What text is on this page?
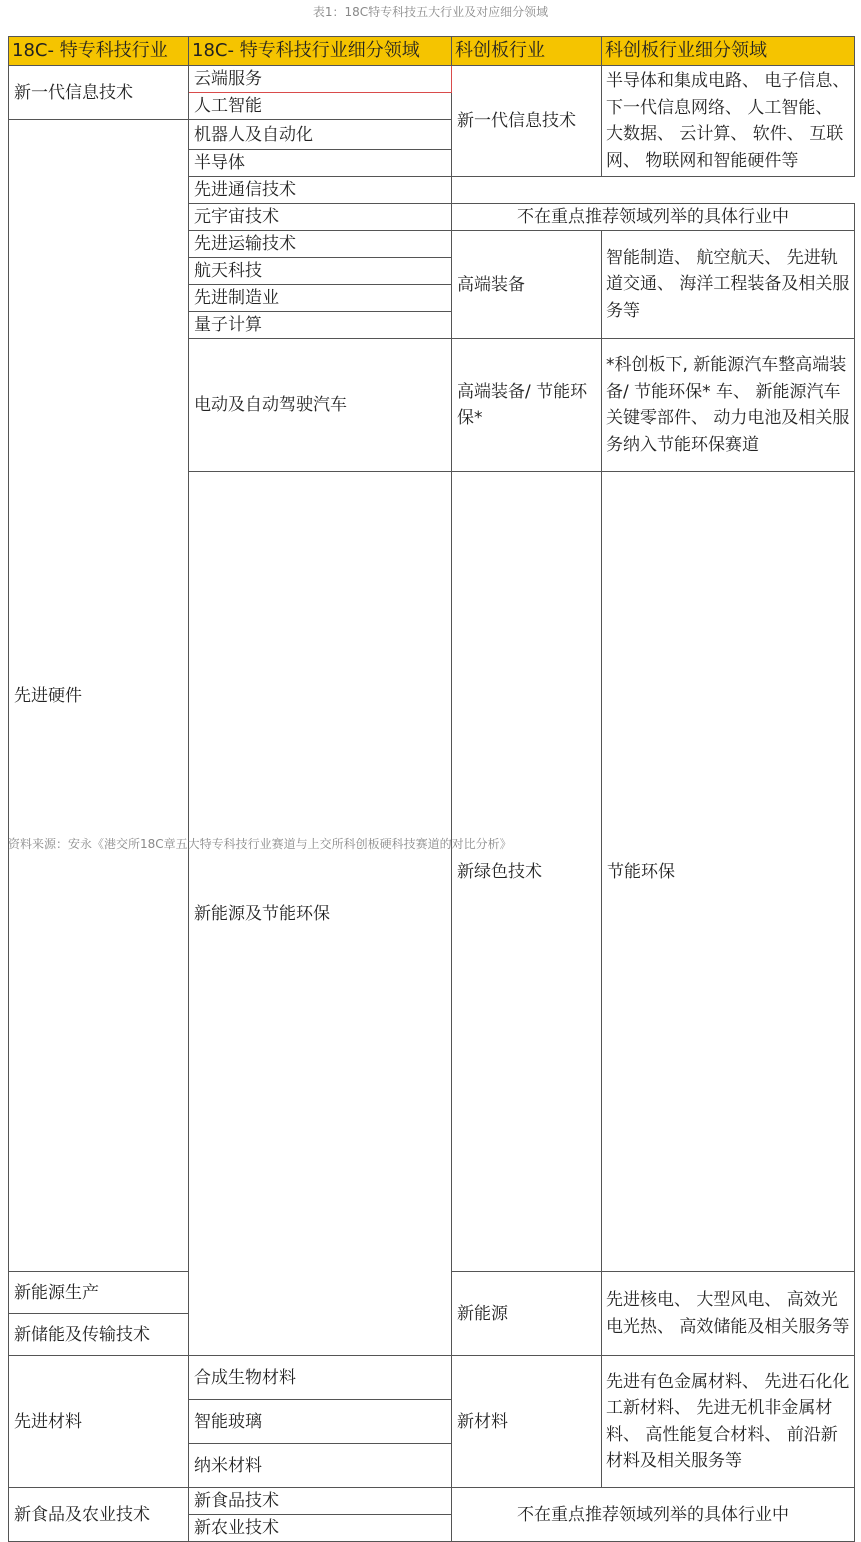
表1：18C特专科技五大行业及对应细分领域
18C- 特专科技行业	18C- 特专科技行业细分领域	科创板行业	科创板行业细分领域	
新一代信息技术	云端服务	新一代信息技术	半导体和集成电路、 电子信息、 下一代信息网络、 人工智能、 大数据、 云计算、 软件、 互联网、 物联网和智能硬件等	
	人工智能			
先进硬件	机器人及自动化			
	半导体			
	先进通信技术			
	元宇宙技术	不在重点推荐领域列举的具体行业中		
	先进运输技术	高端装备	智能制造、 航空航天、 先进轨道交通、 海洋工程装备及相关服务等	
	航天科技			
	先进制造业			
	量子计算			
	电动及自动驾驶汽车	高端装备/ 节能环保*	*科创板下, 新能源汽车整高端装备/ 节能环保* 车、 新能源汽车关键零部件、 动力电池及相关服务纳入节能环保赛道	
	新能源及节能环保	新绿色技术	节能环保	
新能源生产		新能源	先进核电、 大型风电、 高效光电光热、 高效储能及相关服务等	
新储能及传输技术				
先进材料	合成生物材料	新材料	先进有色金属材料、 先进石化化工新材料、 先进无机非金属材料、 高性能复合材料、 前沿新材料及相关服务等	
	智能玻璃			
	纳米材料			
新食品及农业技术	新食品技术	不在重点推荐领域列举的具体行业中		
	新农业技术			
资料来源：安永《港交所18C章五大特专科技行业赛道与上交所科创板硬科技赛道的对比分析》
